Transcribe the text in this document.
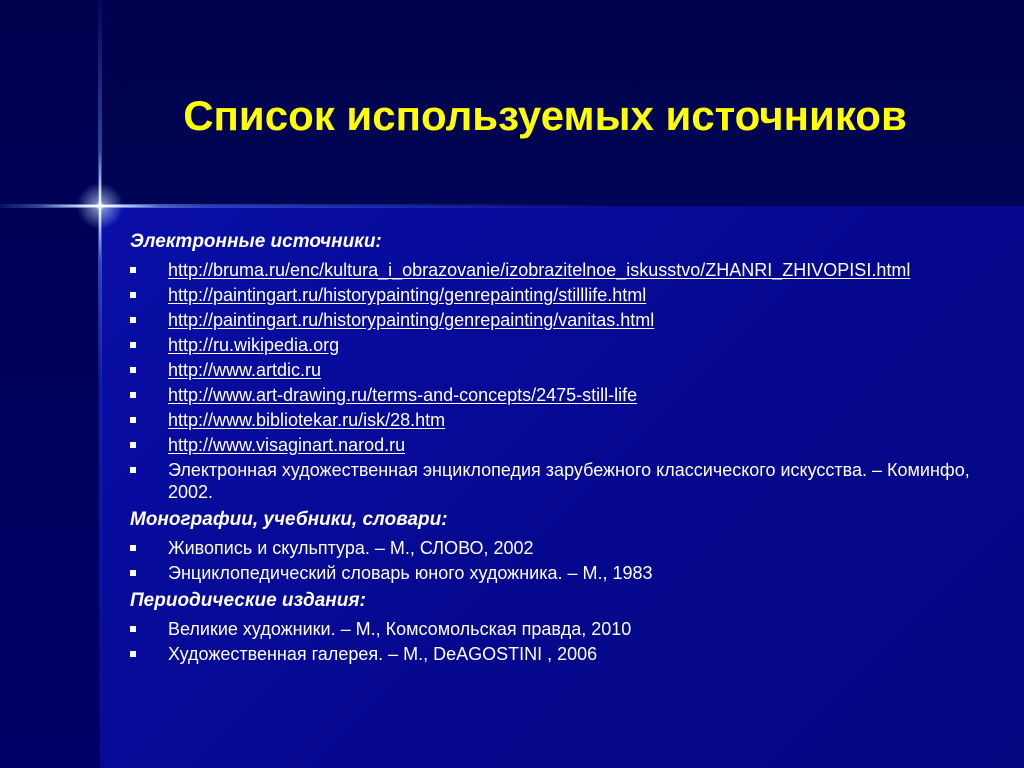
Список используемых источников
Электронные источники:
http://bruma.ru/enc/kultura_i_obrazovanie/izobrazitelnoe_iskusstvo/ZHANRI_ZHIVOPISI.html
http://paintingart.ru/historypainting/genrepainting/stilllife.html
http://paintingart.ru/historypainting/genrepainting/vanitas.html
http://ru.wikipedia.org
http://www.artdic.ru
http://www.art-drawing.ru/terms-and-concepts/2475-still-life
http://www.bibliotekar.ru/isk/28.htm
http://www.visaginart.narod.ru
Электронная художественная энциклопедия зарубежного классического искусства. – Коминфо, 2002.
Монографии, учебники, словари:
Живопись и скульптура. – М., СЛОВО, 2002
Энциклопедический словарь юного художника. – М., 1983
Периодические издания:
Великие художники. – М., Комсомольская правда, 2010
Художественная галерея. – М., DeAGOSTINI , 2006
